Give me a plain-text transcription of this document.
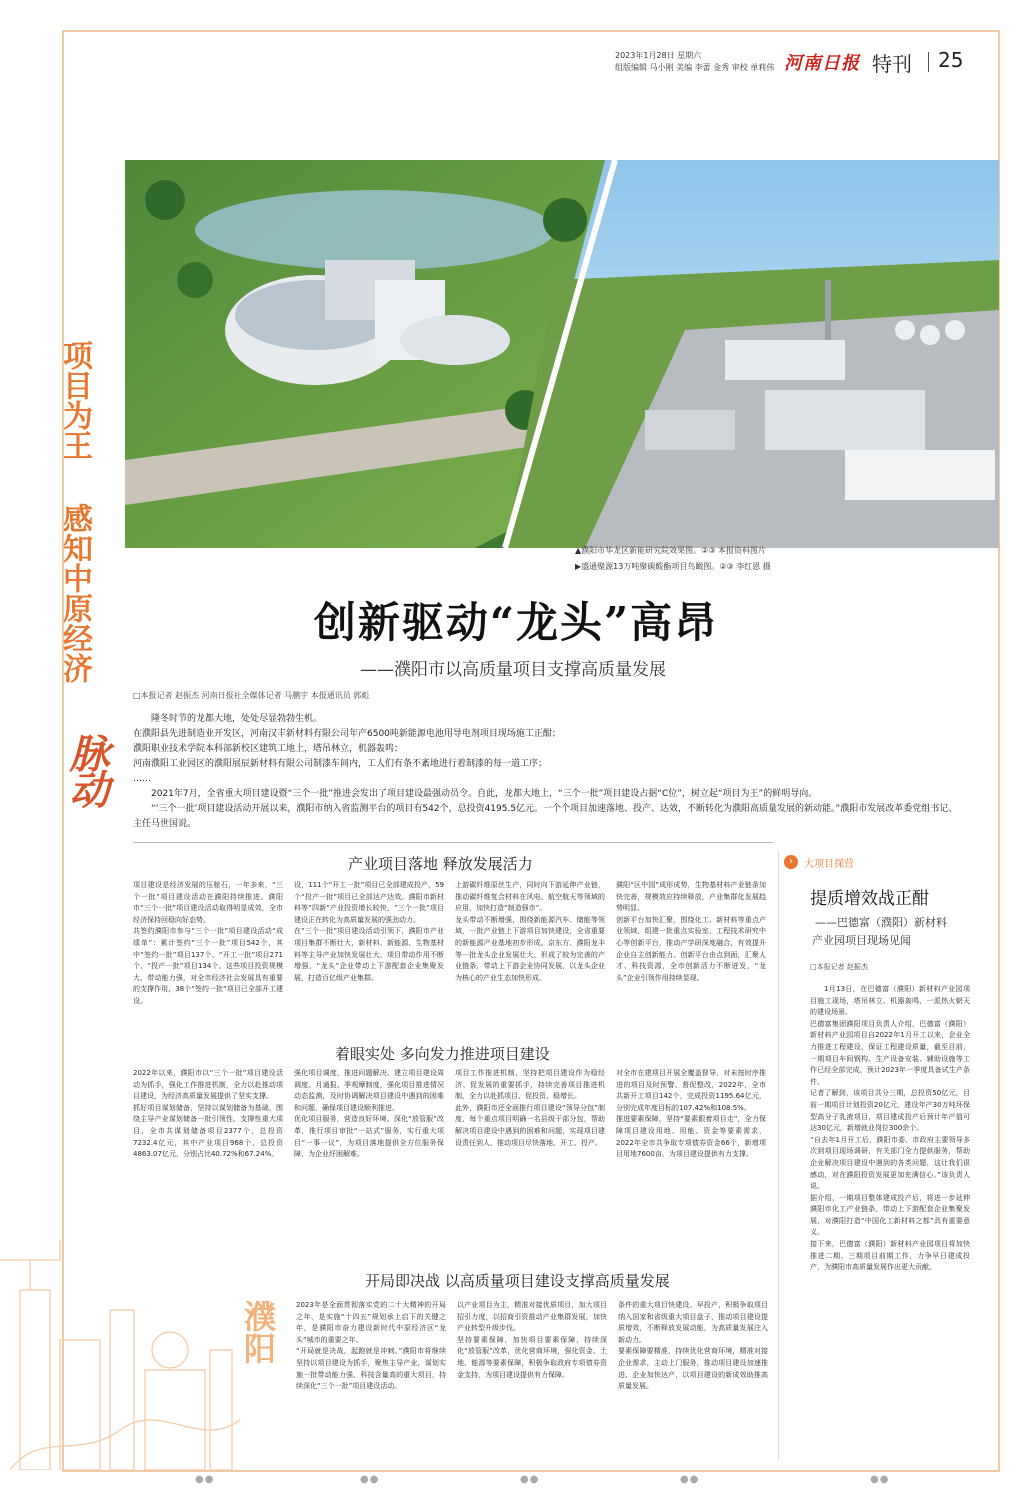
2023年1月28日 星期六
组版编辑 马小刚 美编 李蕾 金秀 审校 单莉伟 河南日报 特刊 25
项目为王
感知中原经济
脉动
▲濮阳市华龙区新能研究院效果图。②③ 本报资料图片
▶盛通聚源13万吨聚碳酸酯项目鸟瞰图。②③ 李红恩 摄
创新驱动“龙头”高昂
——濮阳市以高质量项目支撑高质量发展
□本报记者 赵振杰 河南日报社全媒体记者 马鹏宇 本报通讯员 郭彪

隆冬时节的龙都大地，处处尽显勃勃生机。

在濮阳县先进制造业开发区，河南汉丰新材料有限公司年产6500吨新能源电池用导电剂项目现场施工正酣；

濮阳职业技术学院本科部新校区建筑工地上，塔吊林立，机器轰鸣；

河南濮阳工业园区的濮阳展辰新材料有限公司制漆车间内，工人们有条不紊地进行着制漆的每一道工序；

……

2021年7月，全省重大项目建设暨“三个一批”推进会发出了项目建设最强动员令。自此，龙都大地上，“三个一批”项目建设占据“C位”，树立起“项目为王”的鲜明导向。

“‘三个一批’项目建设活动开展以来，濮阳市纳入省监测平台的项目有542个，总投资4195.5亿元。一个个项目加速落地、投产、达效，不断转化为濮阳高质量发展的新动能。”濮阳市发展改革委党组书记、主任马世国说。

产业项目落地 释放发展活力
项目建设是经济发展的压舱石，一年多来，“三个一批”项目建设活动在濮阳持续推进。濮阳市“三个一批”项目建设活动取得明显成效，全市经济保持回稳向好态势。
共签约濮阳市参与“三个一批”项目建设活动“成绩单”：累计签约“三个一批”项目542个，其中“签约一批”项目137个、“开工一批”项目271个、“投产一批”项目134个。这些项目投资规模大、带动能力强，对全市经济社会发展具有重要的支撑作用，38个“签约一批”项目已全部开工建设。
设，111个“开工一批”项目已全部建成投产，59个“投产一批”项目已全部达产达效。濮阳市新材料等“四新”产业投资增长较快，“三个一批”项目建设正在转化为高质量发展的强劲动力。
在“三个一批”项目建设活动引领下，濮阳市产业项目集群不断壮大，新材料、新能源、生物基材料等主导产业加快发展壮大，项目带动作用不断增强，“龙头”企业带动上下游配套企业集聚发展，打造百亿级产业集群。
上游碳纤维原丝生产，同时向下游延伸产业链，推动碳纤维复合材料在风电、航空航天等领域的应用，加快打造“制造强市”。
龙头带动不断增强，围绕新能源汽车、储能等领域，一批产业链上下游项目加快建设，全省重要的新能源产业基地初步形成。京东方、濮阳龙丰等一批龙头企业发展壮大，形成了较为完善的产业链条，带动上下游企业协同发展，以龙头企业为核心的产业生态加快形成。
濮阳“区中园”成形成势，生物基材料产业链条加快完善，规模效应持续释放，产业集群化发展趋势明显。
创新平台加快汇聚，围绕化工、新材料等重点产业领域，组建一批重点实验室、工程技术研究中心等创新平台，推动产学研深度融合，有效提升企业自主创新能力。创新平台由点到面，汇聚人才、科技资源，全市创新活力不断迸发，“龙头”企业引领作用持续显现。
着眼实处 多向发力推进项目建设
2022年以来，濮阳市以“三个一批”项目建设活动为抓手，强化工作推进机制，全力以赴推动项目建设，为经济高质量发展提供了坚实支撑。
抓好项目谋划储备，坚持以谋划储备为基础，围绕主导产业谋划储备一批引领性、支撑性重大项目，全市共谋划储备项目2377个，总投资7232.4亿元，其中产业项目968个，总投资4863.07亿元，分别占比40.72%和67.24%。
强化项目调度，推进问题解决。建立项目建设周调度、月通报、季观摩制度，强化项目推进情况动态监测，及时协调解决项目建设中遇到的困难和问题，确保项目建设顺利推进。
优化项目服务，营造良好环境。深化“放管服”改革，推行项目审批“一站式”服务，实行重大项目“一事一议”，为项目落地提供全方位服务保障，为企业纾困解难。
项目工作推进机制，坚持把项目建设作为稳经济、促发展的重要抓手，持续完善项目推进机制，全力以赴抓项目、促投资、稳增长。
此外，濮阳市还全面推行项目建设“领导分包”制度，每个重点项目明确一名县级干部分包，帮助解决项目建设中遇到的困难和问题，实现项目建设责任到人，推动项目尽快落地、开工、投产。
对全市在建项目开展全覆盖督导，对未按时序推进的项目及时预警、督促整改，2022年，全市共新开工项目142个，完成投资1195.64亿元，分别完成年度目标的107.42%和108.5%。
推进要素保障，坚持“要素跟着项目走”，全力保障项目建设用地、用能、资金等要素需求，2022年全市共争取专项债券资金66个，新增项目用地7600亩，为项目建设提供有力支撑。
开局即决战 以高质量项目建设支撑高质量发展
2023年是全面贯彻落实党的二十大精神的开局之年，是实施“十四五”规划承上启下的关键之年，是濮阳市奋力建设新时代中原经济区“龙头”城市的重要之年。
“开局就是决战，起跑就是冲刺。”濮阳市将继续坚持以项目建设为抓手，聚焦主导产业，谋划实施一批带动能力强、科技含量高的重大项目，持续深化“三个一批”项目建设活动。
以产业项目为主，精准对接优质项目，加大项目招引力度，以招商引资推动产业集群发展，加快产业转型升级步伐。
坚持要素保障，加快项目要素保障，持续深化“放管服”改革，优化营商环境，强化资金、土地、能源等要素保障，积极争取政府专项债券资金支持，为项目建设提供有力保障。
条件的重大项目快建设、早投产，积极争取项目纳入国家和省级重大项目盘子，推动项目建设提质增效，不断释放发展动能，为高质量发展注入新动力。
要素保障要精准，持续优化营商环境，精准对接企业需求，主动上门服务，推动项目建设加速推进、企业加快达产，以项目建设的新成效助推高质量发展。
›	大项目探营
提质增效战正酣
——巴德富（濮阳）新材料
产业园项目现场见闻
□本报记者 赵振杰
1月13日，在巴德富（濮阳）新材料产业园项目施工现场，塔吊林立、机器轰鸣，一派热火朝天的建设场景。
巴德富集团濮阳项目负责人介绍，巴德富（濮阳）新材料产业园项目自2022年1月开工以来，企业全力推进工程建设，保证工程建设质量，截至目前，一期项目车间钢构、生产设备安装、辅助设施等工作已经全部完成，预计2023年一季度具备试生产条件。
记者了解到，该项目共分三期，总投资50亿元，目前一期项目计划投资20亿元，建设年产30万吨环保型高分子乳液项目，项目建成投产后预计年产值可达30亿元，新增就业岗位300余个。
“自去年1月开工后，濮阳市委、市政府主要领导多次到项目现场调研，有关部门全力提供服务，帮助企业解决项目建设中遇到的各类问题，这让我们很感动，对在濮阳投资发展更加充满信心。”该负责人说。
据介绍，一期项目整体建成投产后，将进一步延伸濮阳市化工产业链条，带动上下游配套企业集聚发展，对濮阳打造“中国化工新材料之都”具有重要意义。
接下来，巴德富（濮阳）新材料产业园项目将加快推进二期、三期项目前期工作，力争早日建成投产，为濮阳市高质量发展作出更大贡献。
濮阳
●●	●●	●●	●●	●●
